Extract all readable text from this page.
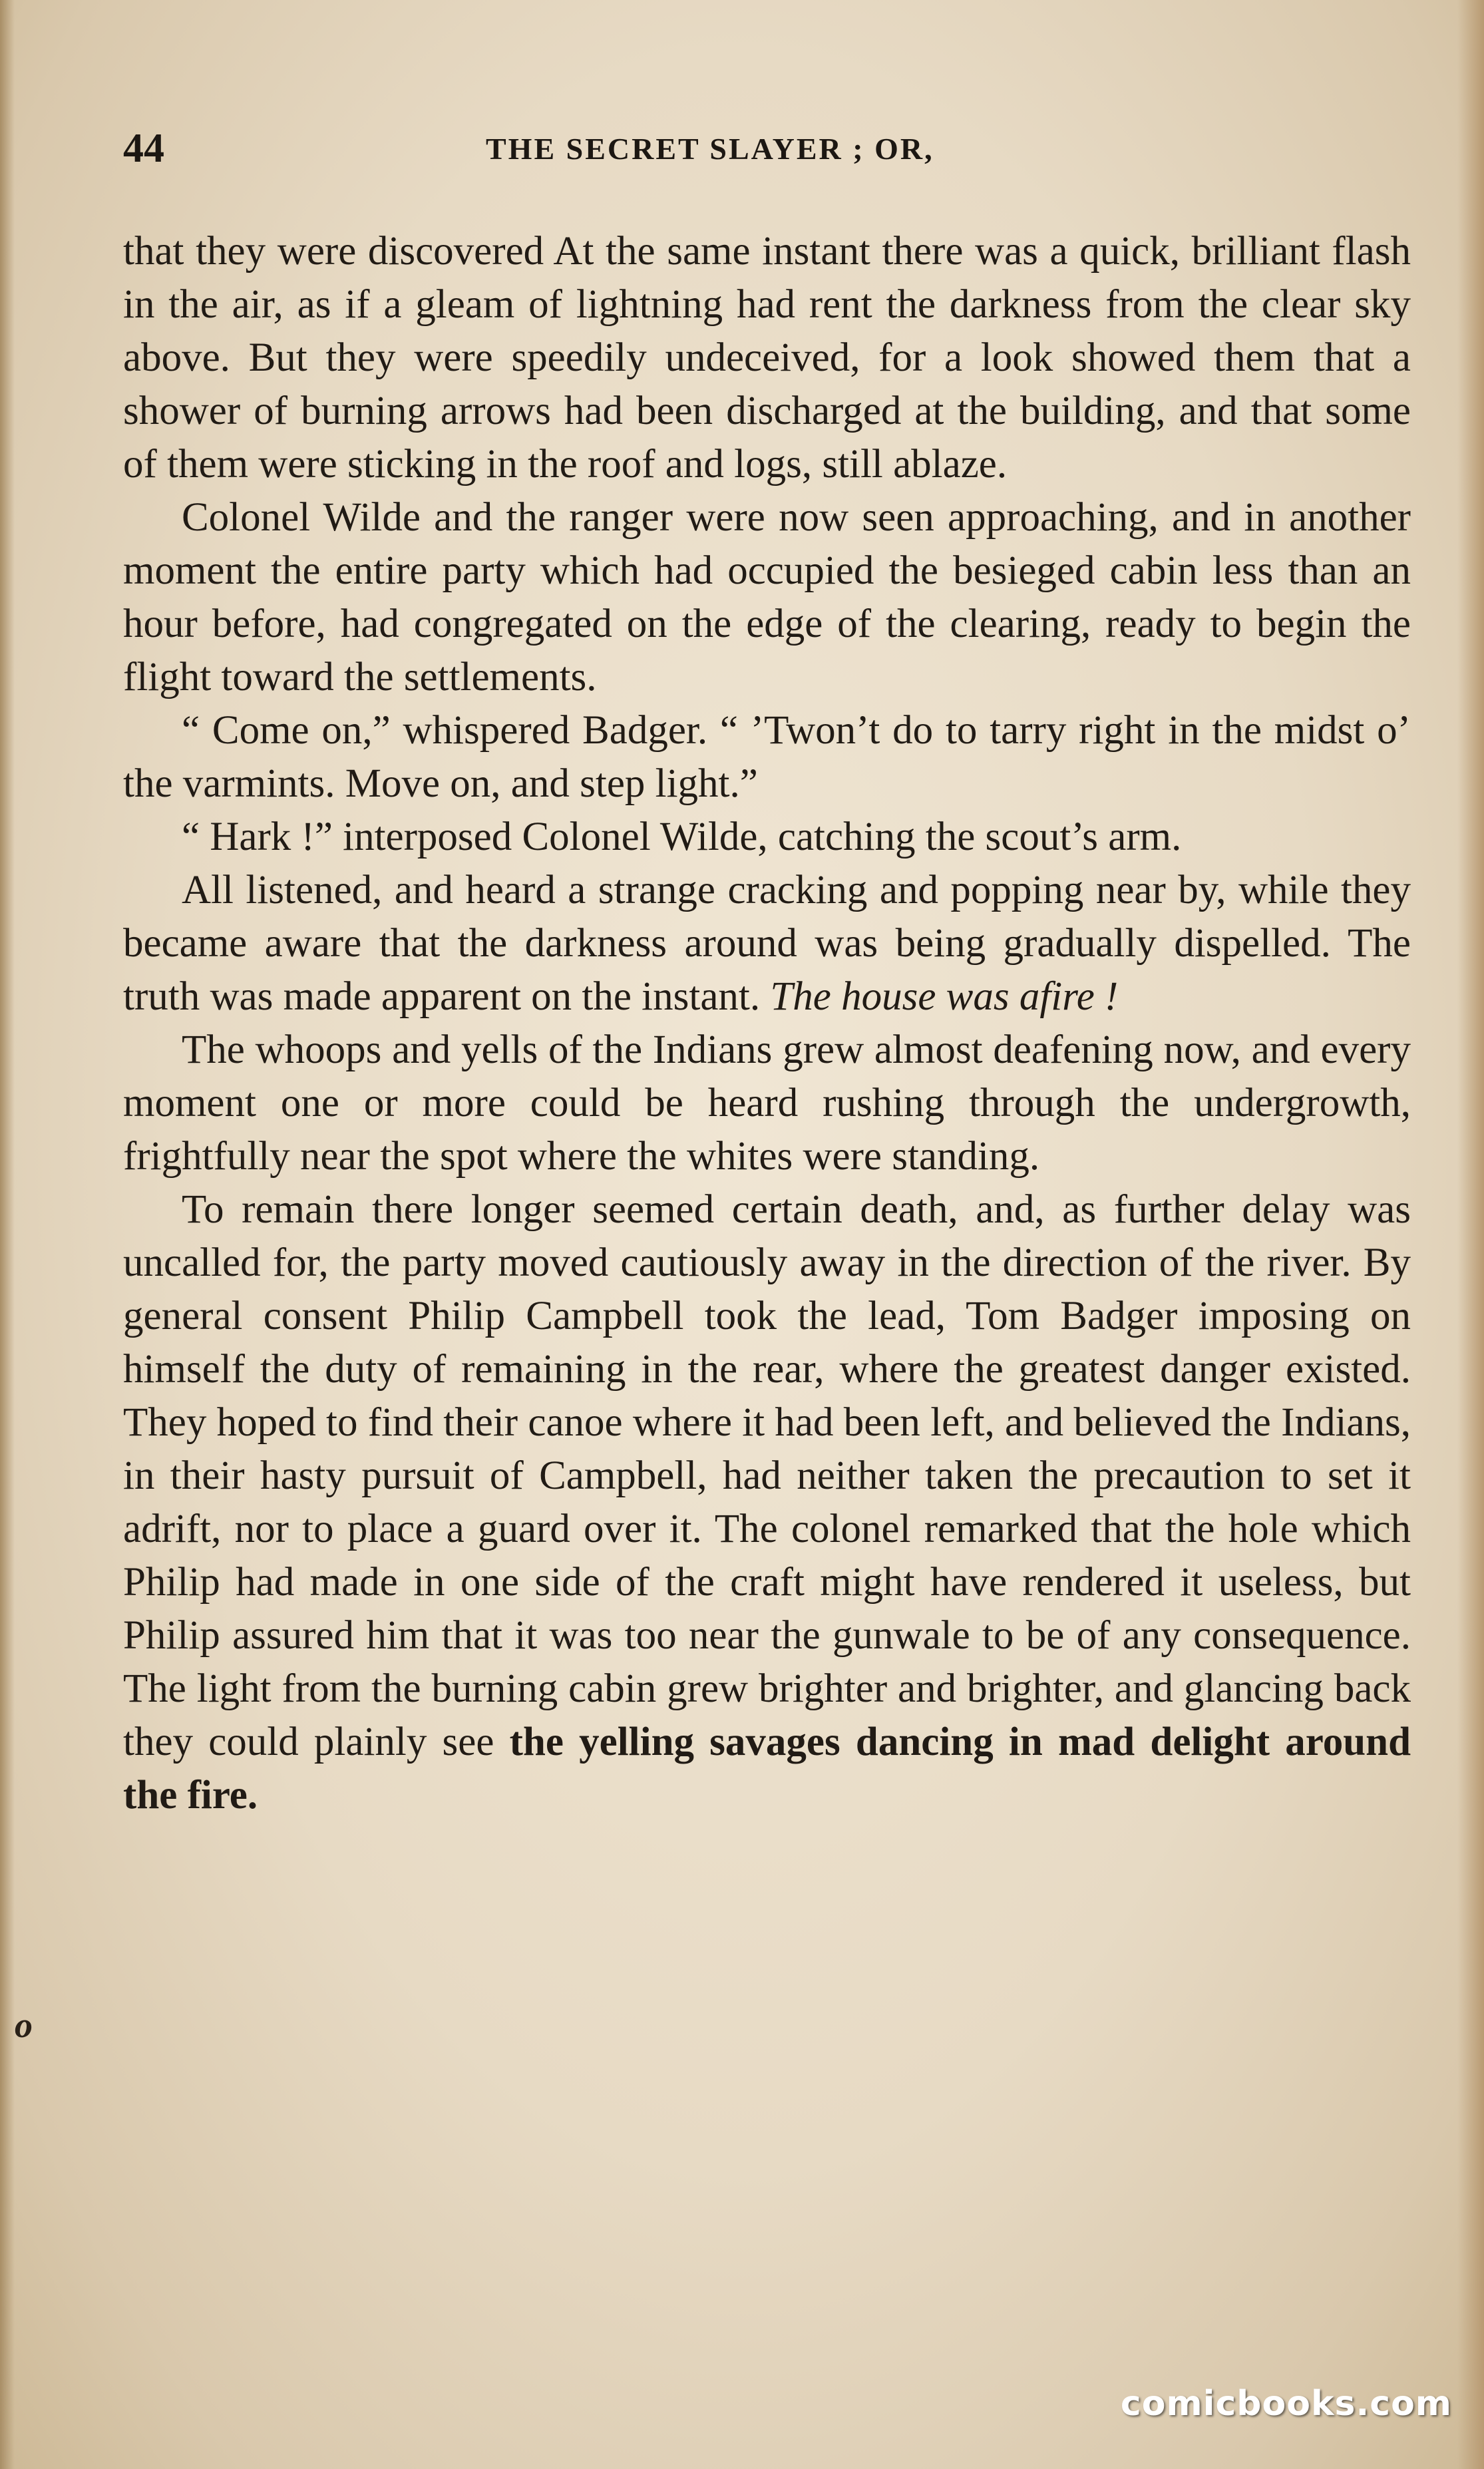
44	THE SECRET SLAYER ; OR,

that they were discovered At the same instant there was a quick, brilliant flash in the air, as if a gleam of lightning had rent the darkness from the clear sky above. But they were speedily undeceived, for a look showed them that a shower of burning arrows had been discharged at the building, and that some of them were sticking in the roof and logs, still ablaze.

Colonel Wilde and the ranger were now seen approaching, and in another moment the entire party which had occupied the besieged cabin less than an hour before, had congregated on the edge of the clearing, ready to begin the flight toward the settlements.

“ Come on,” whispered Badger. “ ’Twon’t do to tarry right in the midst o’ the varmints. Move on, and step light.”

“ Hark !” interposed Colonel Wilde, catching the scout’s arm.

All listened, and heard a strange cracking and popping near by, while they became aware that the darkness around was being gradually dispelled. The truth was made apparent on the instant. The house was afire !

The whoops and yells of the Indians grew almost deafening now, and every moment one or more could be heard rushing through the undergrowth, frightfully near the spot where the whites were standing.

To remain there longer seemed certain death, and, as further delay was uncalled for, the party moved cautiously away in the direction of the river. By general consent Philip Campbell took the lead, Tom Badger imposing on himself the duty of remaining in the rear, where the greatest danger existed. They hoped to find their canoe where it had been left, and believed the Indians, in their hasty pursuit of Campbell, had neither taken the precaution to set it adrift, nor to place a guard over it. The colonel remarked that the hole which Philip had made in one side of the craft might have rendered it useless, but Philip assured him that it was too near the gunwale to be of any consequence. The light from the burning cabin grew brighter and brighter, and glancing back they could plainly see the yelling savages dancing in mad delight around the fire.

o
comicbooks.com
